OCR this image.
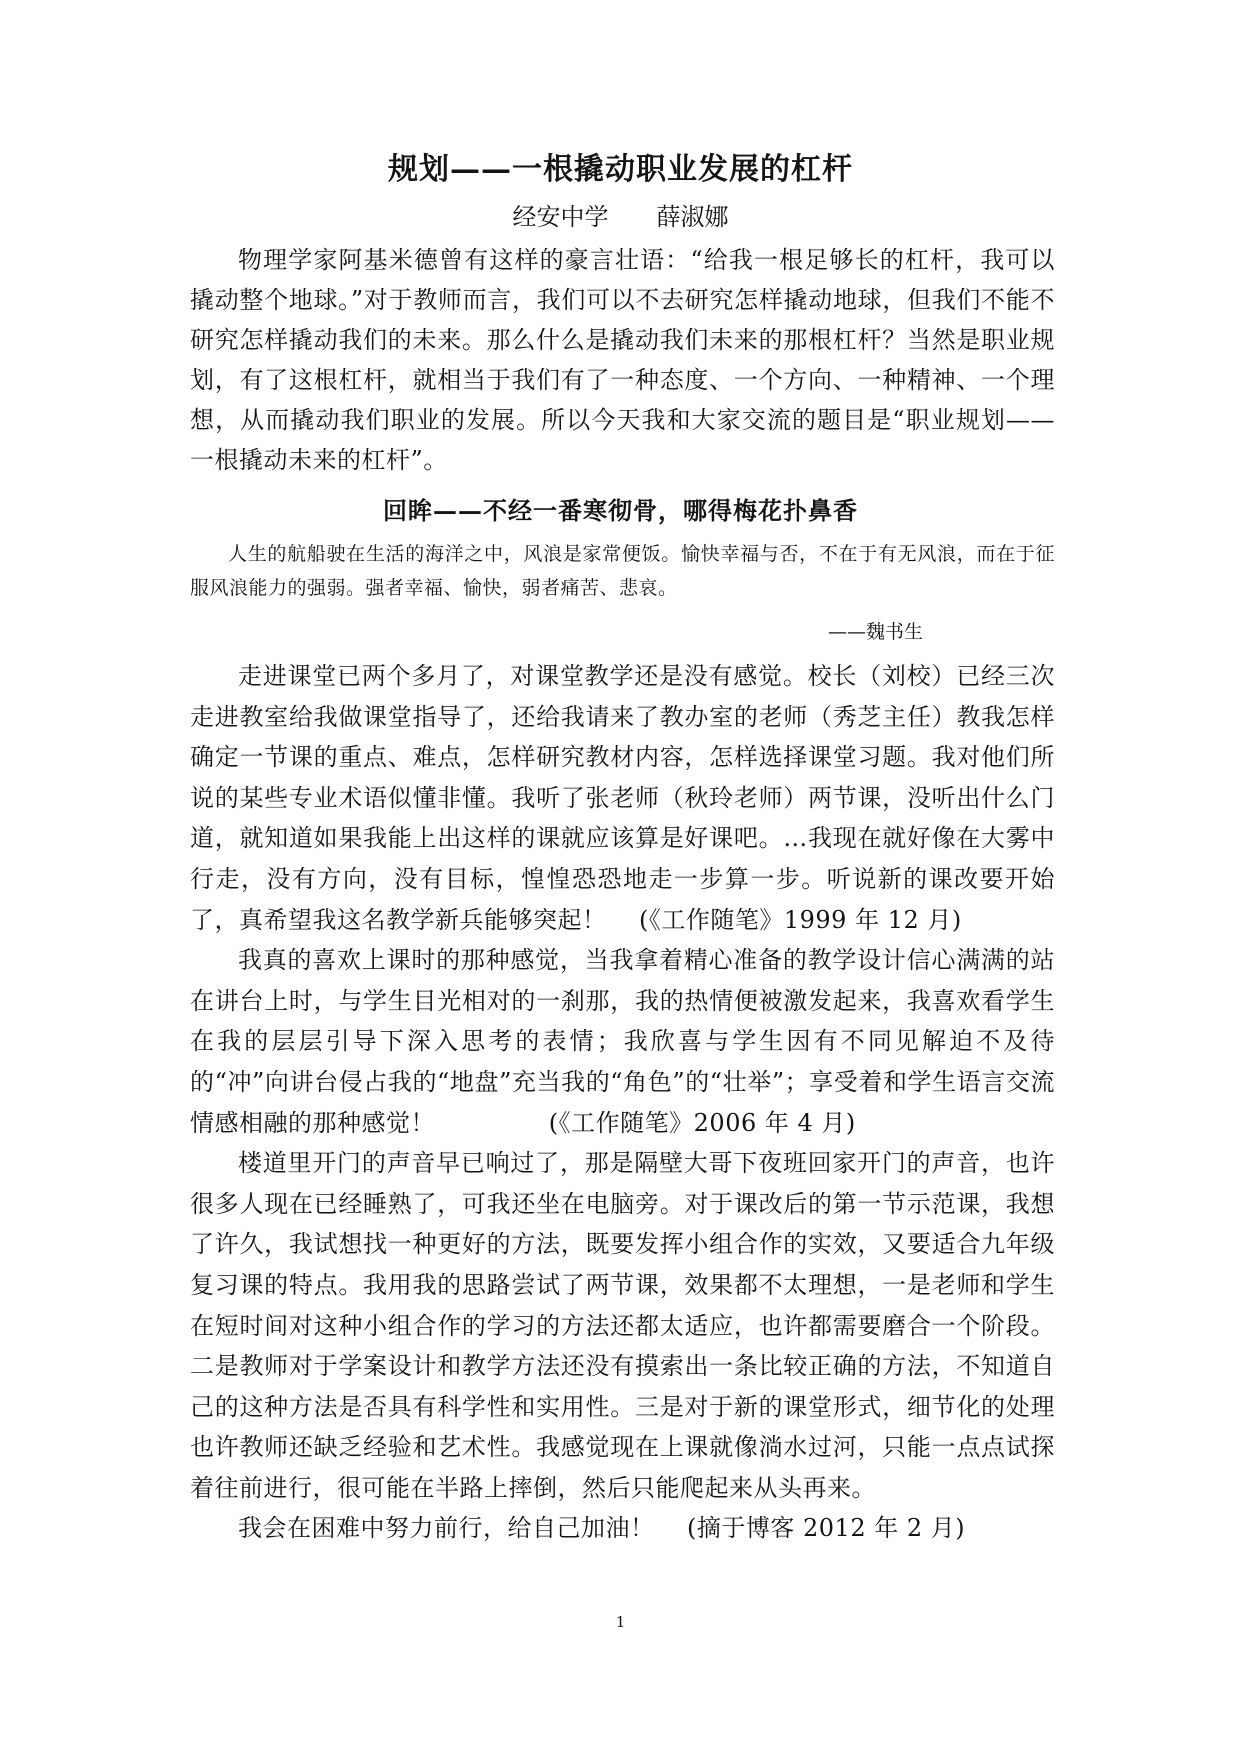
规划——一根撬动职业发展的杠杆
经安中学　　薛淑娜

物理学家阿基米德曾有这样的豪言壮语：“给我一根足够长的杠杆，我可以撬动整个地球。”对于教师而言，我们可以不去研究怎样撬动地球，但我们不能不研究怎样撬动我们的未来。那么什么是撬动我们未来的那根杠杆？当然是职业规划，有了这根杠杆，就相当于我们有了一种态度、一个方向、一种精神、一个理想，从而撬动我们职业的发展。所以今天我和大家交流的题目是“职业规划——一根撬动未来的杠杆”。

回眸——不经一番寒彻骨，哪得梅花扑鼻香

人生的航船驶在生活的海洋之中，风浪是家常便饭。愉快幸福与否，不在于有无风浪，而在于征服风浪能力的强弱。强者幸福、愉快，弱者痛苦、悲哀。

——魏书生

走进课堂已两个多月了，对课堂教学还是没有感觉。校长（刘校）已经三次走进教室给我做课堂指导了，还给我请来了教办室的老师（秀芝主任）教我怎样确定一节课的重点、难点，怎样研究教材内容，怎样选择课堂习题。我对他们所说的某些专业术语似懂非懂。我听了张老师（秋玲老师）两节课，没听出什么门道，就知道如果我能上出这样的课就应该算是好课吧。…我现在就好像在大雾中行走，没有方向，没有目标，惶惶恐恐地走一步算一步。听说新的课改要开始了，真希望我这名教学新兵能够突起！    (《工作随笔》1999 年 12 月)

我真的喜欢上课时的那种感觉，当我拿着精心准备的教学设计信心满满的站在讲台上时，与学生目光相对的一刹那，我的热情便被激发起来，我喜欢看学生在我的层层引导下深入思考的表情；我欣喜与学生因有不同见解迫不及待的“冲”向讲台侵占我的“地盘”充当我的“角色”的“壮举”；享受着和学生语言交流情感相融的那种感觉！              (《工作随笔》2006 年 4 月)

楼道里开门的声音早已响过了，那是隔壁大哥下夜班回家开门的声音，也许很多人现在已经睡熟了，可我还坐在电脑旁。对于课改后的第一节示范课，我想了许久，我试想找一种更好的方法，既要发挥小组合作的实效，又要适合九年级复习课的特点。我用我的思路尝试了两节课，效果都不太理想，一是老师和学生在短时间对这种小组合作的学习的方法还都太适应，也许都需要磨合一个阶段。二是教师对于学案设计和教学方法还没有摸索出一条比较正确的方法，不知道自己的这种方法是否具有科学性和实用性。三是对于新的课堂形式，细节化的处理也许教师还缺乏经验和艺术性。我感觉现在上课就像淌水过河，只能一点点试探着往前进行，很可能在半路上摔倒，然后只能爬起来从头再来。

我会在困难中努力前行，给自己加油！    (摘于博客 2012 年 2 月)

1
